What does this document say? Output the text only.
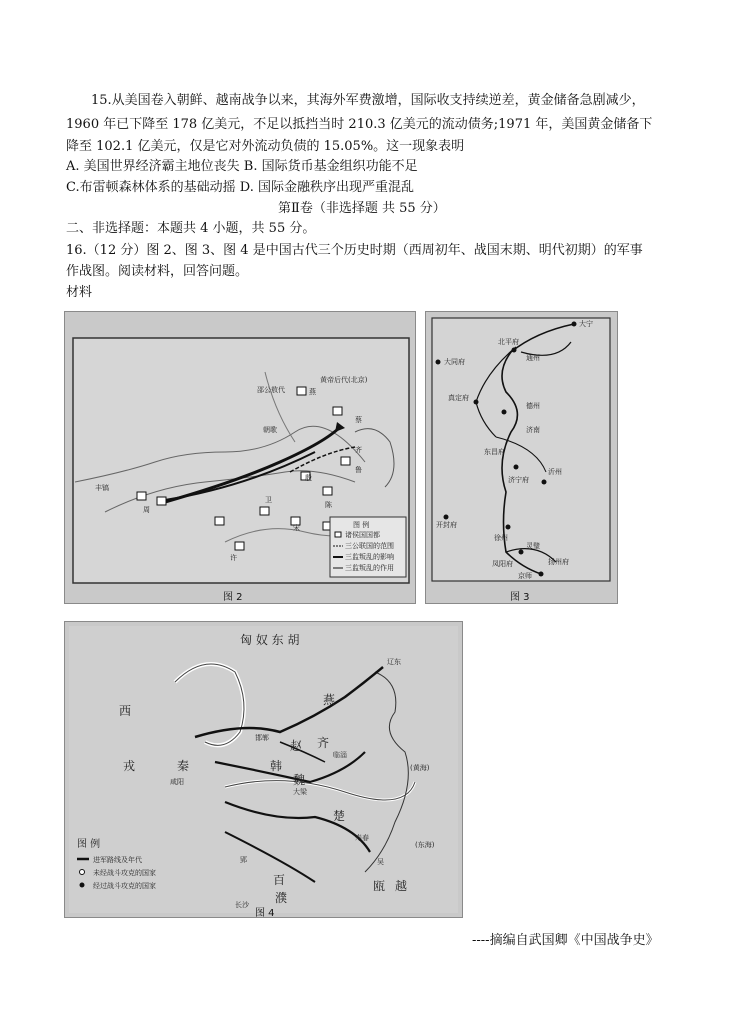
15.从美国卷入朝鲜、越南战争以来，其海外军费激增，国际收支持续逆差，黄金储备急剧减少，
1960 年已下降至 178 亿美元，不足以抵挡当时 210.3 亿美元的流动债务;1971 年，美国黄金储备下
降至 102.1 亿美元，仅是它对外流动负债的 15.05%。这一现象表明
A. 美国世界经济霸主地位丧失 B. 国际货币基金组织功能不足
C.布雷顿森林体系的基础动摇 D. 国际金融秩序出现严重混乱
第Ⅱ卷（非选择题 共 55 分）
二、非选择题：本题共 4 小题，共 55 分。
16.（12 分）图 2、图 3、图 4 是中国古代三个历史时期（西周初年、战国末期、明代初期）的军事
作战图。阅读材料，回答问题。
材料
邵公敖代	燕
黄帝后代(北京)
殷
周
朝歌
宋
卫
丰镐
鲁
齐
蔡
陈
许
图 例
诸侯国国都
三公联国的范围
三监叛乱的影响
三监叛乱的作用
图 2
大宁
北平府
大同府	通州
真定府
德州
济南
东昌府
济宁府
沂州
开封府
徐州
灵璧
凤阳府	扬州府
京师
图 3
匈 奴 东 胡
西
戎	秦	韩
赵
魏
燕
齐
楚
百
濮
瓯 越
辽东
(黄海)
(东海)
咸阳
邯郸
大梁
临淄
寿春
郢
长沙
吴
图 例
进军路线及年代
未经战斗攻克的国家
经过战斗攻克的国家
图 4
----摘编自武国卿《中国战争史》
